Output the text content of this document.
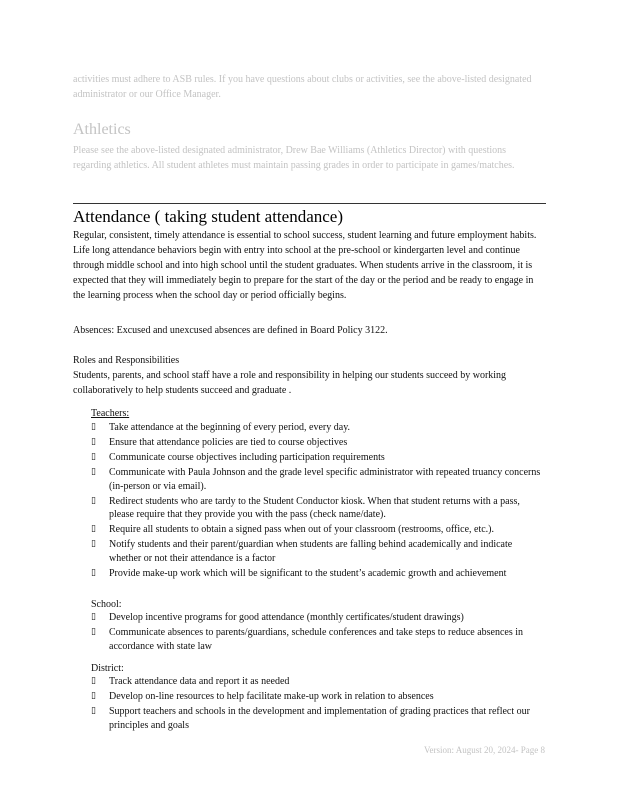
activities must adhere to ASB rules. If you have questions about clubs or activities, see the above-listed designated administrator or our Office Manager.
Athletics
Please see the above-listed designated administrator, Drew Bae Williams (Athletics Director) with questions regarding athletics. All student athletes must maintain passing grades in order to participate in games/matches.
Attendance ( taking student attendance)
Regular, consistent, timely attendance is essential to school success, student learning and future employment habits. Life long attendance behaviors begin with entry into school at the pre-school or kindergarten level and continue through middle school and into high school until the student graduates. When students arrive in the classroom, it is expected that they will immediately begin to prepare for the start of the day or the period and be ready to engage in the learning process when the school day or period officially begins.
Absences: Excused and unexcused absences are defined in Board Policy 3122.
Roles and Responsibilities
Students, parents, and school staff have a role and responsibility in helping our students succeed by working collaboratively to help students succeed and graduate .
Teachers:
▯ Take attendance at the beginning of every period, every day.
▯ Ensure that attendance policies are tied to course objectives
▯ Communicate course objectives including participation requirements
▯ Communicate with Paula Johnson and the grade level specific administrator with repeated truancy concerns (in-person or via email).
▯ Redirect students who are tardy to the Student Conductor kiosk. When that student returns with a pass, please require that they provide you with the pass (check name/date).
▯ Require all students to obtain a signed pass when out of your classroom (restrooms, office, etc.).
▯ Notify students and their parent/guardian when students are falling behind academically and indicate whether or not their attendance is a factor
▯ Provide make-up work which will be significant to the student’s academic growth and achievement
School:
▯ Develop incentive programs for good attendance (monthly certificates/student drawings)
▯ Communicate absences to parents/guardians, schedule conferences and take steps to reduce absences in accordance with state law
District:
▯ Track attendance data and report it as needed
▯ Develop on-line resources to help facilitate make-up work in relation to absences
▯ Support teachers and schools in the development and implementation of grading practices that reflect our principles and goals
Version: August 20, 2024- Page 8
